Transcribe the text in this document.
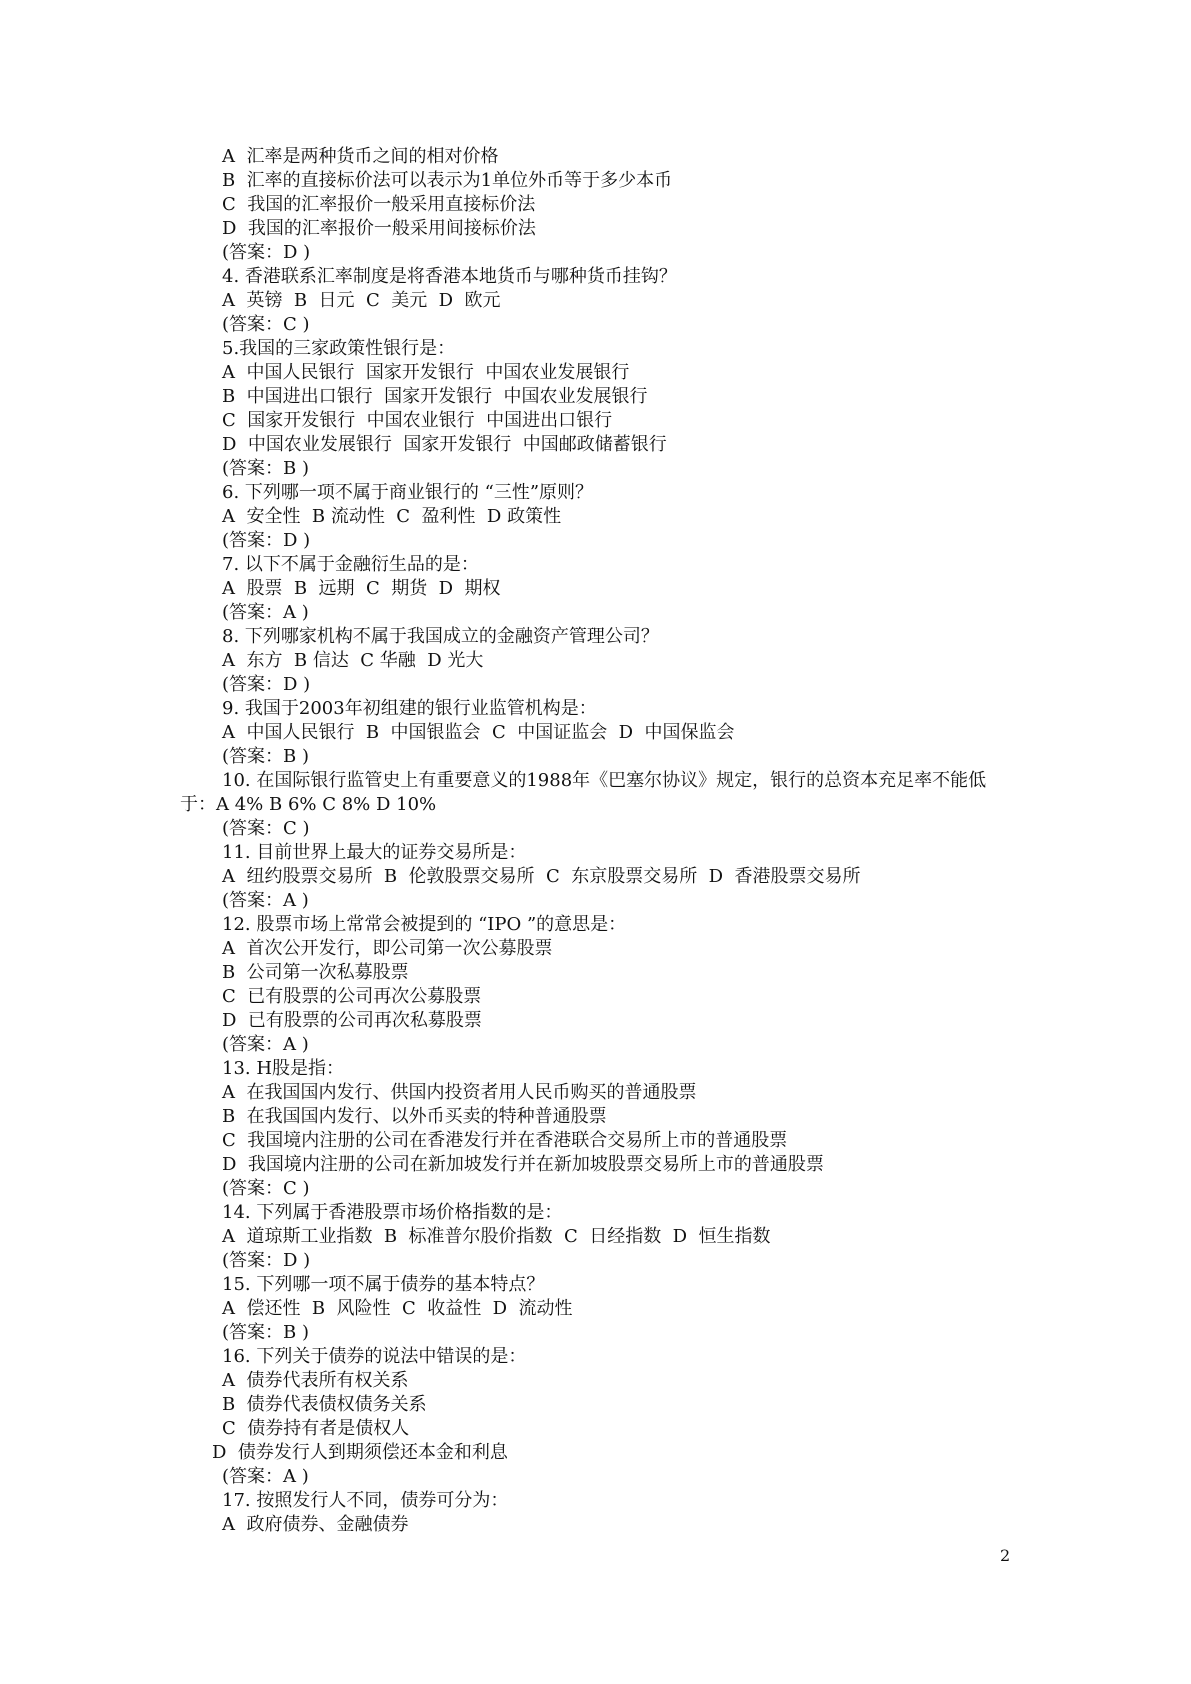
A  汇率是两种货币之间的相对价格
B  汇率的直接标价法可以表示为1单位外币等于多少本币
C  我国的汇率报价一般采用直接标价法
D  我国的汇率报价一般采用间接标价法
(答案：D )
4. 香港联系汇率制度是将香港本地货币与哪种货币挂钩？
A  英镑  B  日元  C  美元  D  欧元
(答案：C )
5.我国的三家政策性银行是：
A  中国人民银行  国家开发银行  中国农业发展银行
B  中国进出口银行  国家开发银行  中国农业发展银行
C  国家开发银行  中国农业银行  中国进出口银行
D  中国农业发展银行  国家开发银行  中国邮政储蓄银行
(答案：B )
6. 下列哪一项不属于商业银行的 “三性”原则？
A  安全性  B 流动性  C  盈利性  D 政策性
(答案：D )
7. 以下不属于金融衍生品的是：
A  股票  B  远期  C  期货  D  期权
(答案：A )
8. 下列哪家机构不属于我国成立的金融资产管理公司？
A  东方  B 信达  C 华融  D 光大
(答案：D )
9. 我国于2003年初组建的银行业监管机构是：
A  中国人民银行  B  中国银监会  C  中国证监会  D  中国保监会
(答案：B )
10. 在国际银行监管史上有重要意义的1988年《巴塞尔协议》规定，银行的总资本充足率不能低于：A 4% B 6% C 8% D 10%
(答案：C )
11. 目前世界上最大的证券交易所是：
A  纽约股票交易所  B  伦敦股票交易所  C  东京股票交易所  D  香港股票交易所
(答案：A )
12. 股票市场上常常会被提到的 “IPO ”的意思是：
A  首次公开发行，即公司第一次公募股票
B  公司第一次私募股票
C  已有股票的公司再次公募股票
D  已有股票的公司再次私募股票
(答案：A )
13. H股是指：
A  在我国国内发行、供国内投资者用人民币购买的普通股票
B  在我国国内发行、以外币买卖的特种普通股票
C  我国境内注册的公司在香港发行并在香港联合交易所上市的普通股票
D  我国境内注册的公司在新加坡发行并在新加坡股票交易所上市的普通股票
(答案：C )
14. 下列属于香港股票市场价格指数的是：
A  道琼斯工业指数  B  标准普尔股价指数  C  日经指数  D  恒生指数
(答案：D )
15. 下列哪一项不属于债券的基本特点？
A  偿还性  B  风险性  C  收益性  D  流动性
(答案：B )
16. 下列关于债券的说法中错误的是：
A  债券代表所有权关系
B  债券代表债权债务关系
C  债券持有者是债权人
D  债券发行人到期须偿还本金和利息
(答案：A )
17. 按照发行人不同，债券可分为：
A  政府债券、金融债券
2
